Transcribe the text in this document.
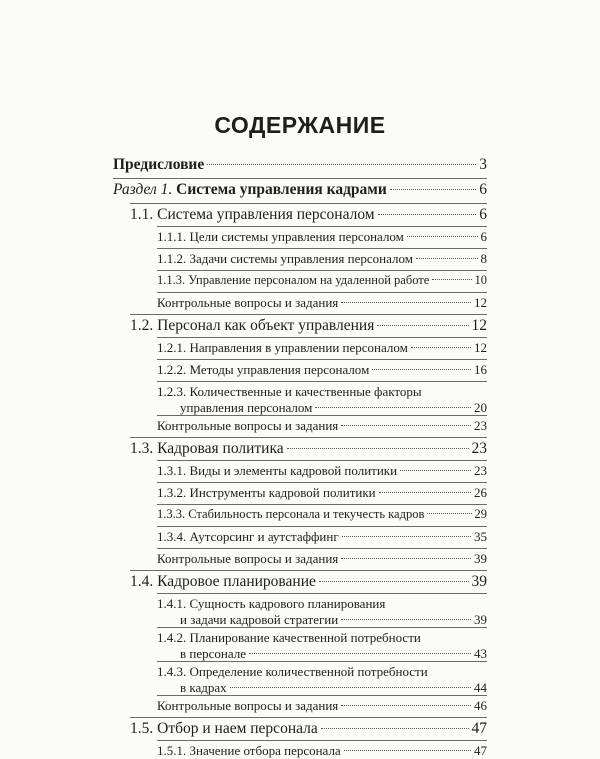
СОДЕРЖАНИЕ
Предисловие	3
Раздел 1. Система управления кадрами	6
1.1. Система управления персоналом	6
1.1.1. Цели системы управления персоналом	6
1.1.2. Задачи системы управления персоналом	8
1.1.3. Управление персоналом на удаленной работе	10
Контрольные вопросы и задания	12
1.2. Персонал как объект управления	12
1.2.1. Направления в управлении персоналом	12
1.2.2. Методы управления персоналом	16
1.2.3. Количественные и качественные факторы
управления персоналом	20
Контрольные вопросы и задания	23
1.3. Кадровая политика	23
1.3.1. Виды и элементы кадровой политики	23
1.3.2. Инструменты кадровой политики	26
1.3.3. Стабильность персонала и текучесть кадров	29
1.3.4. Аутсорсинг и аутстаффинг	35
Контрольные вопросы и задания	39
1.4. Кадровое планирование	39
1.4.1. Сущность кадрового планирования
и задачи кадровой стратегии	39
1.4.2. Планирование качественной потребности
в персонале	43
1.4.3. Определение количественной потребности
в кадрах	44
Контрольные вопросы и задания	46
1.5. Отбор и наем персонала	47
1.5.1. Значение отбора персонала	47
